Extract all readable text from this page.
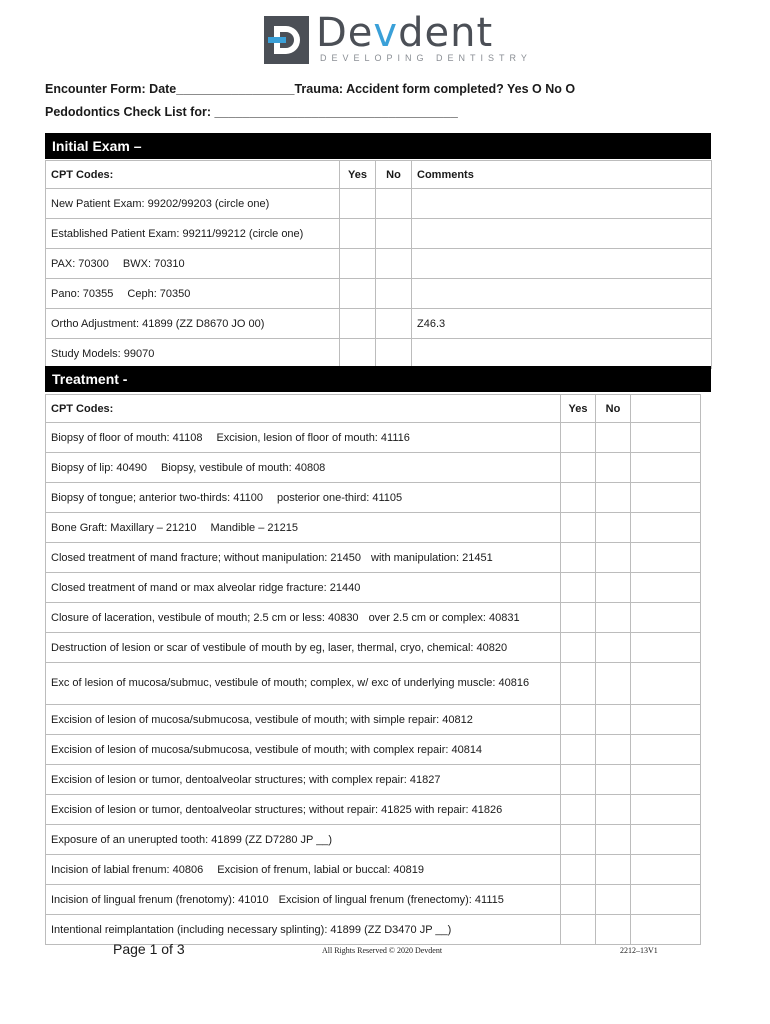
Devdent
DEVELOPING DENTISTRY
Encounter Form: Date_________________Trauma: Accident form completed? Yes O No O
Pedodontics Check List for: ___________________________________
Initial Exam –
CPT Codes:	Yes	No	Comments
New Patient Exam: 99202/99203 (circle one)			
Established Patient Exam: 99211/99212 (circle one)			
PAX: 70300 BWX: 70310			
Pano: 70355 Ceph: 70350			
Ortho Adjustment: 41899 (ZZ D8670 JO 00)			Z46.3
Study Models: 99070			
Treatment -
CPT Codes:	Yes	No	
Biopsy of floor of mouth: 41108 Excision, lesion of floor of mouth: 41116			
Biopsy of lip: 40490 Biopsy, vestibule of mouth: 40808			
Biopsy of tongue; anterior two-thirds: 41100 posterior one-third: 41105			
Bone Graft: Maxillary – 21210 Mandible – 21215			
Closed treatment of mand fracture; without manipulation: 21450 with manipulation: 21451			
Closed treatment of mand or max alveolar ridge fracture: 21440			
Closure of laceration, vestibule of mouth; 2.5 cm or less: 40830 over 2.5 cm or complex: 40831			
Destruction of lesion or scar of vestibule of mouth by eg, laser, thermal, cryo, chemical: 40820			
Exc of lesion of mucosa/submuc, vestibule of mouth; complex, w/ exc of underlying muscle: 40816			
Excision of lesion of mucosa/submucosa, vestibule of mouth; with simple repair: 40812			
Excision of lesion of mucosa/submucosa, vestibule of mouth; with complex repair: 40814			
Excision of lesion or tumor, dentoalveolar structures; with complex repair: 41827			
Excision of lesion or tumor, dentoalveolar structures; without repair: 41825 with repair: 41826			
Exposure of an unerupted tooth: 41899 (ZZ D7280 JP __)			
Incision of labial frenum: 40806 Excision of frenum, labial or buccal: 40819			
Incision of lingual frenum (frenotomy): 41010 Excision of lingual frenum (frenectomy): 41115			
Intentional reimplantation (including necessary splinting): 41899 (ZZ D3470 JP __)			
Page 1 of 3	All Rights Reserved © 2020 Devdent	2212–13V1
